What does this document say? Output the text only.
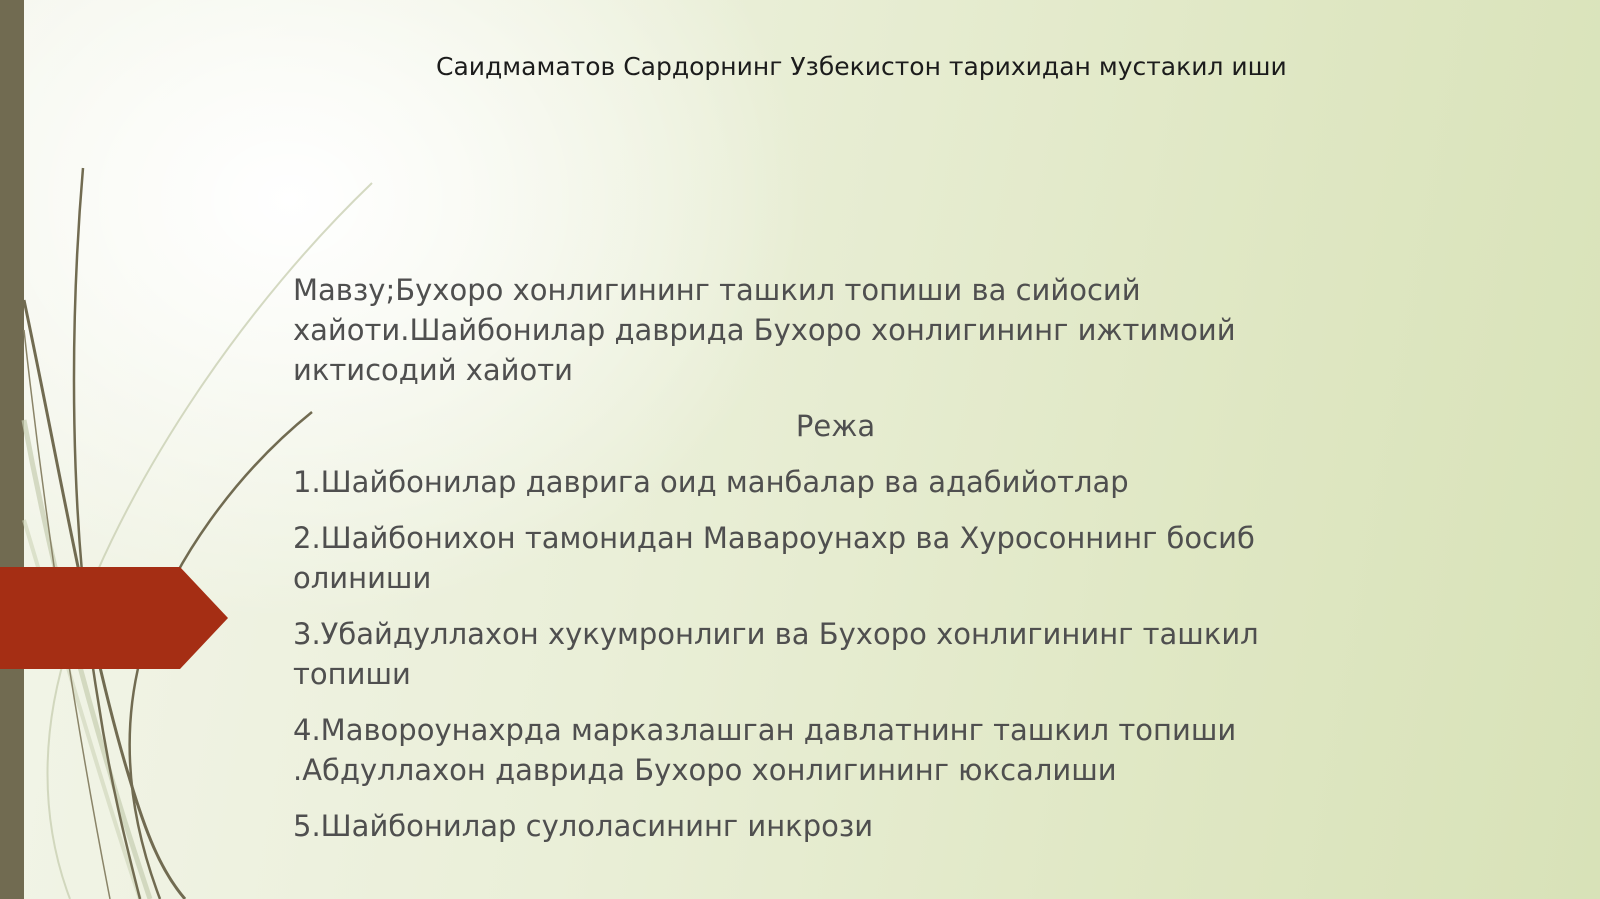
Саидмаматов Сардорнинг Узбекистон тарихидан мустакил иши

Мавзу;Бухоро хонлигининг ташкил топиши ва сийосий хайоти.Шайбонилар даврида Бухоро хонлигининг ижтимоий иктисодий хайоти

Режа

1.Шайбонилар даврига оид манбалар ва адабийотлар

2.Шайбонихон тамонидан Мавароунахр ва Хуросоннинг босиб олиниши

3.Убайдуллахон хукумронлиги ва Бухоро хонлигининг ташкил топиши

4.Мавороунахрда марказлашган давлатнинг ташкил топиши .Абдуллахон даврида Бухоро хонлигининг юксалиши

5.Шайбонилар сулоласининг инкрози
